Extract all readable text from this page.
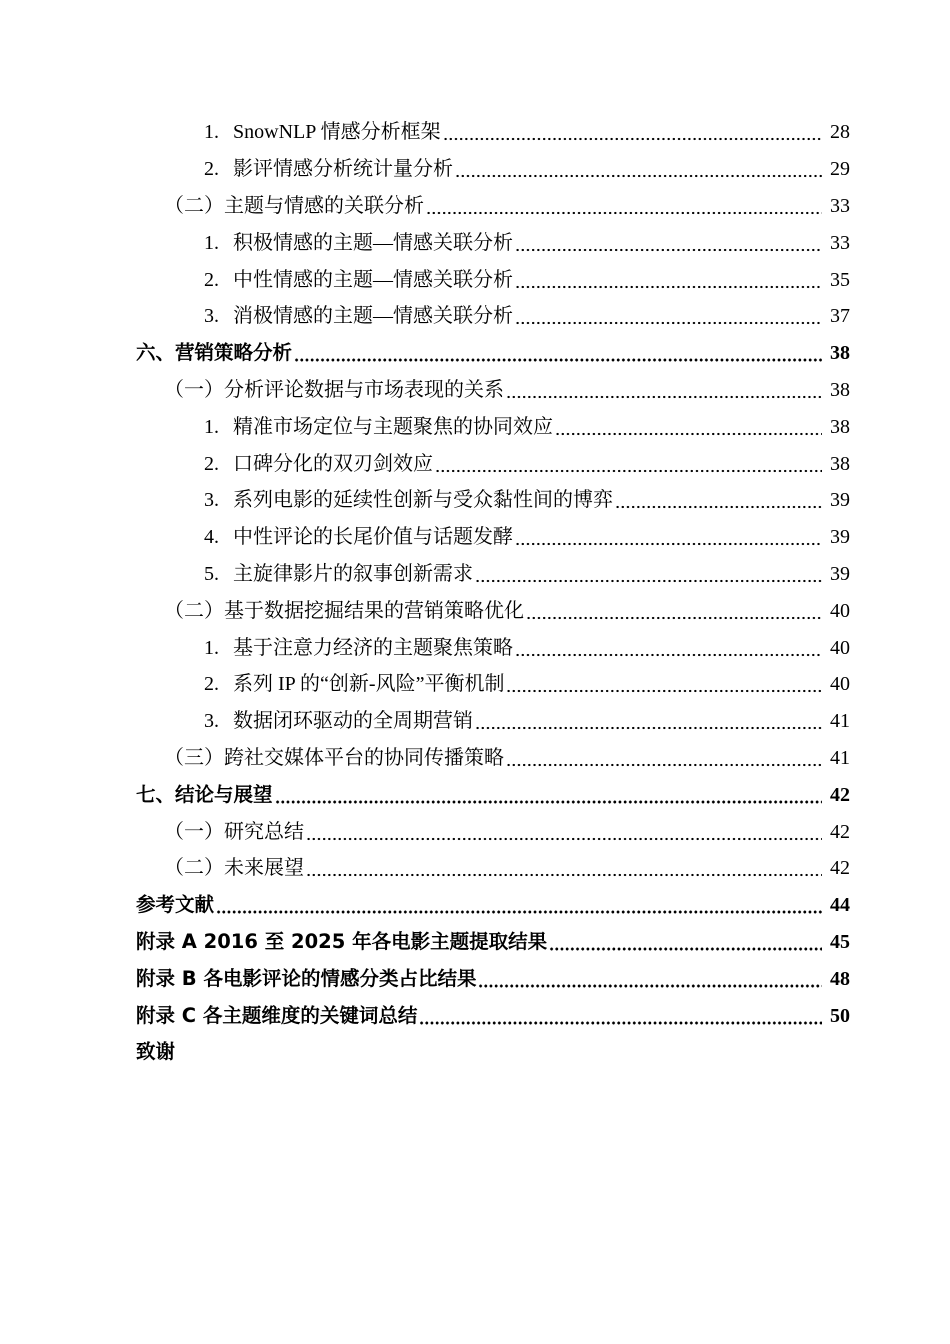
1. SnowNLP 情感分析框架	28
2. 影评情感分析统计量分析	29
（二） 主题与情感的关联分析	33
1. 积极情感的主题—情感关联分析	33
2. 中性情感的主题—情感关联分析	35
3. 消极情感的主题—情感关联分析	37
六、营销策略分析	38
（一） 分析评论数据与市场表现的关系	38
1. 精准市场定位与主题聚焦的协同效应	38
2. 口碑分化的双刃剑效应	38
3. 系列电影的延续性创新与受众黏性间的博弈	39
4. 中性评论的长尾价值与话题发酵	39
5. 主旋律影片的叙事创新需求	39
（二） 基于数据挖掘结果的营销策略优化	40
1. 基于注意力经济的主题聚焦策略	40
2. 系列 IP 的“创新-风险”平衡机制	40
3. 数据闭环驱动的全周期营销	41
（三） 跨社交媒体平台的协同传播策略	41
七、结论与展望	42
（一） 研究总结	42
（二） 未来展望	42
参考文献	44
附录 A 2016 至 2025 年各电影主题提取结果	45
附录 B 各电影评论的情感分类占比结果	48
附录 C 各主题维度的关键词总结	50
致谢
